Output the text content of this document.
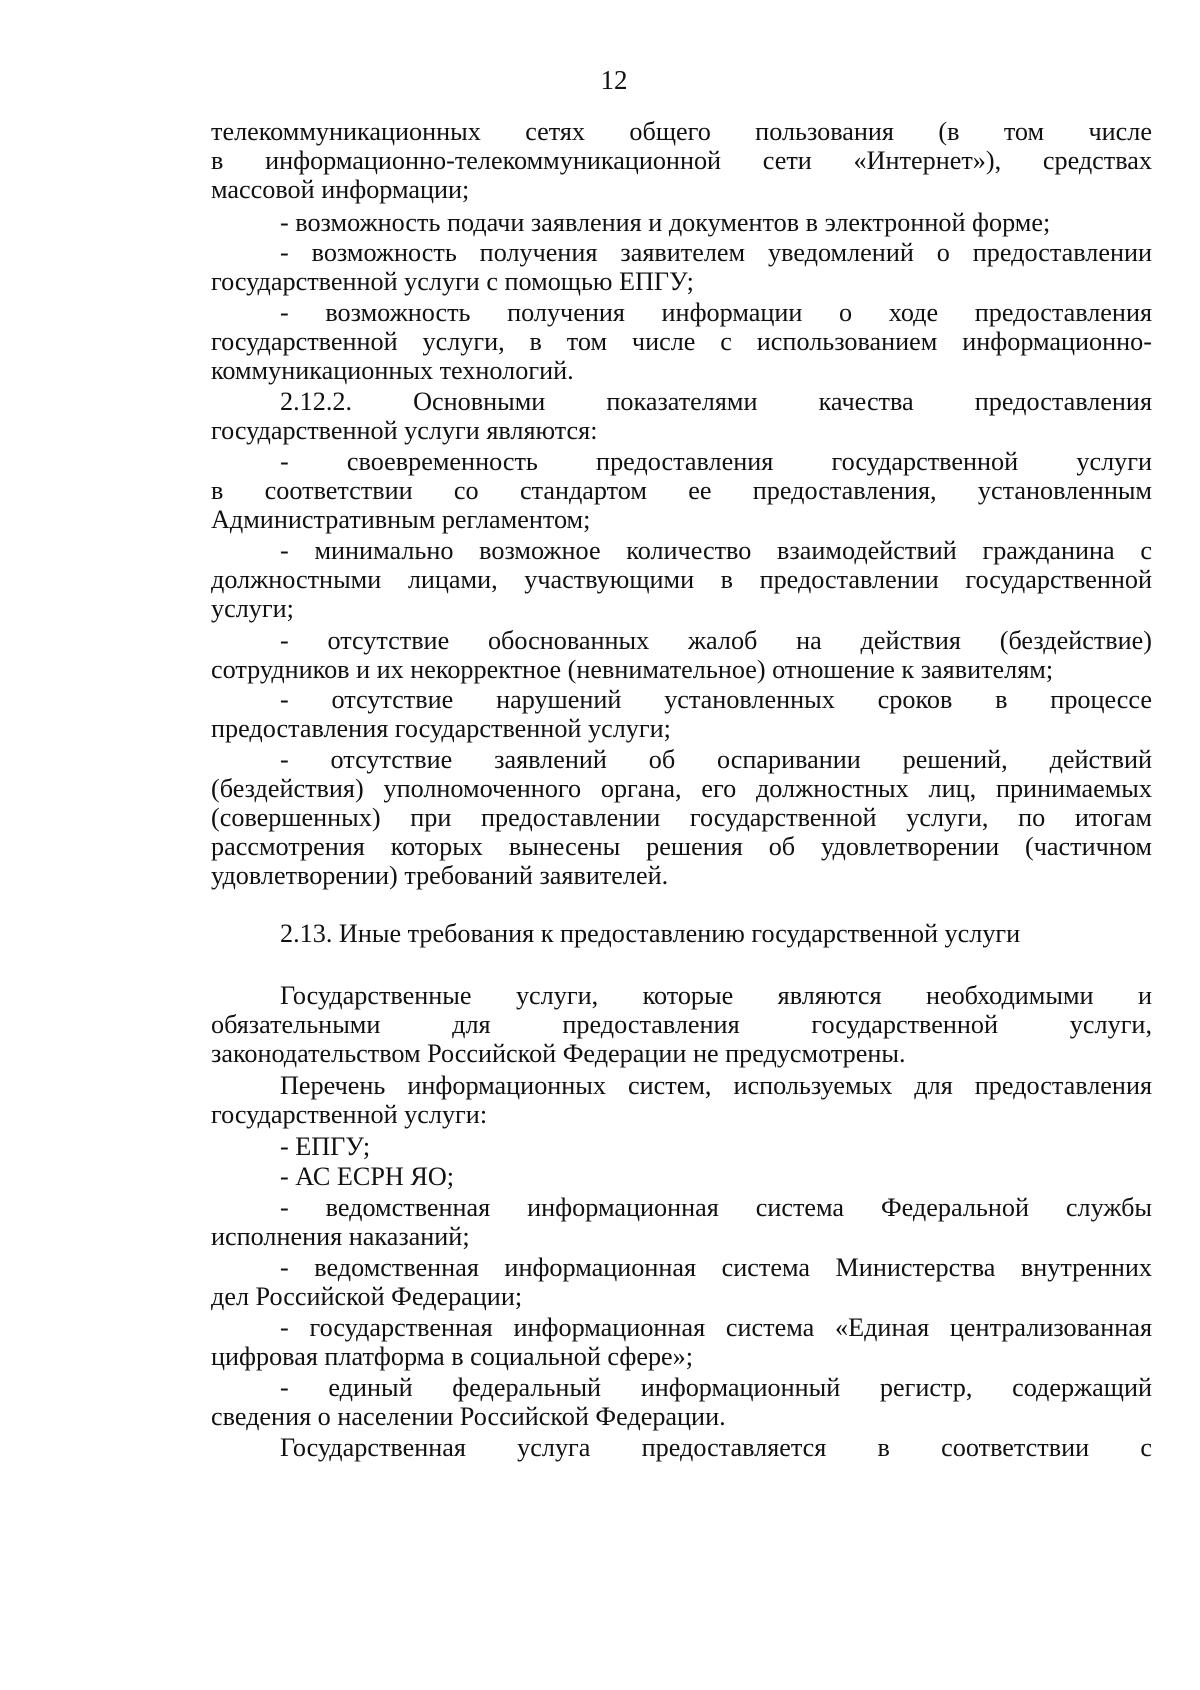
12
телекоммуникационных сетях общего пользования (в том числе
в информационно-телекоммуникационной сети «Интернет»), средствах
массовой информации;
- возможность подачи заявления и документов в электронной форме;
- возможность получения заявителем уведомлений о предоставлении
государственной услуги с помощью ЕПГУ;
- возможность получения информации о ходе предоставления
государственной услуги, в том числе с использованием информационно-
коммуникационных технологий.
2.12.2. Основными показателями качества предоставления
государственной услуги являются:
- своевременность предоставления государственной услуги
в соответствии со стандартом ее предоставления, установленным
Административным регламентом;
- минимально возможное количество взаимодействий гражданина с
должностными лицами, участвующими в предоставлении государственной
услуги;
- отсутствие обоснованных жалоб на действия (бездействие)
сотрудников и их некорректное (невнимательное) отношение к заявителям;
- отсутствие нарушений установленных сроков в процессе
предоставления государственной услуги;
- отсутствие заявлений об оспаривании решений, действий
(бездействия) уполномоченного органа, его должностных лиц, принимаемых
(совершенных) при предоставлении государственной услуги, по итогам
рассмотрения которых вынесены решения об удовлетворении (частичном
удовлетворении) требований заявителей.
2.13. Иные требования к предоставлению государственной услуги
Государственные услуги, которые являются необходимыми и
обязательными для предоставления государственной услуги,
законодательством Российской Федерации не предусмотрены.
Перечень информационных систем, используемых для предоставления
государственной услуги:
- ЕПГУ;
- АС ЕСРН ЯО;
- ведомственная информационная система Федеральной службы
исполнения наказаний;
- ведомственная информационная система Министерства внутренних
дел Российской Федерации;
- государственная информационная система «Единая централизованная
цифровая платформа в социальной сфере»;
- единый федеральный информационный регистр, содержащий
сведения о населении Российской Федерации.
Государственная услуга предоставляется в соответствии с
